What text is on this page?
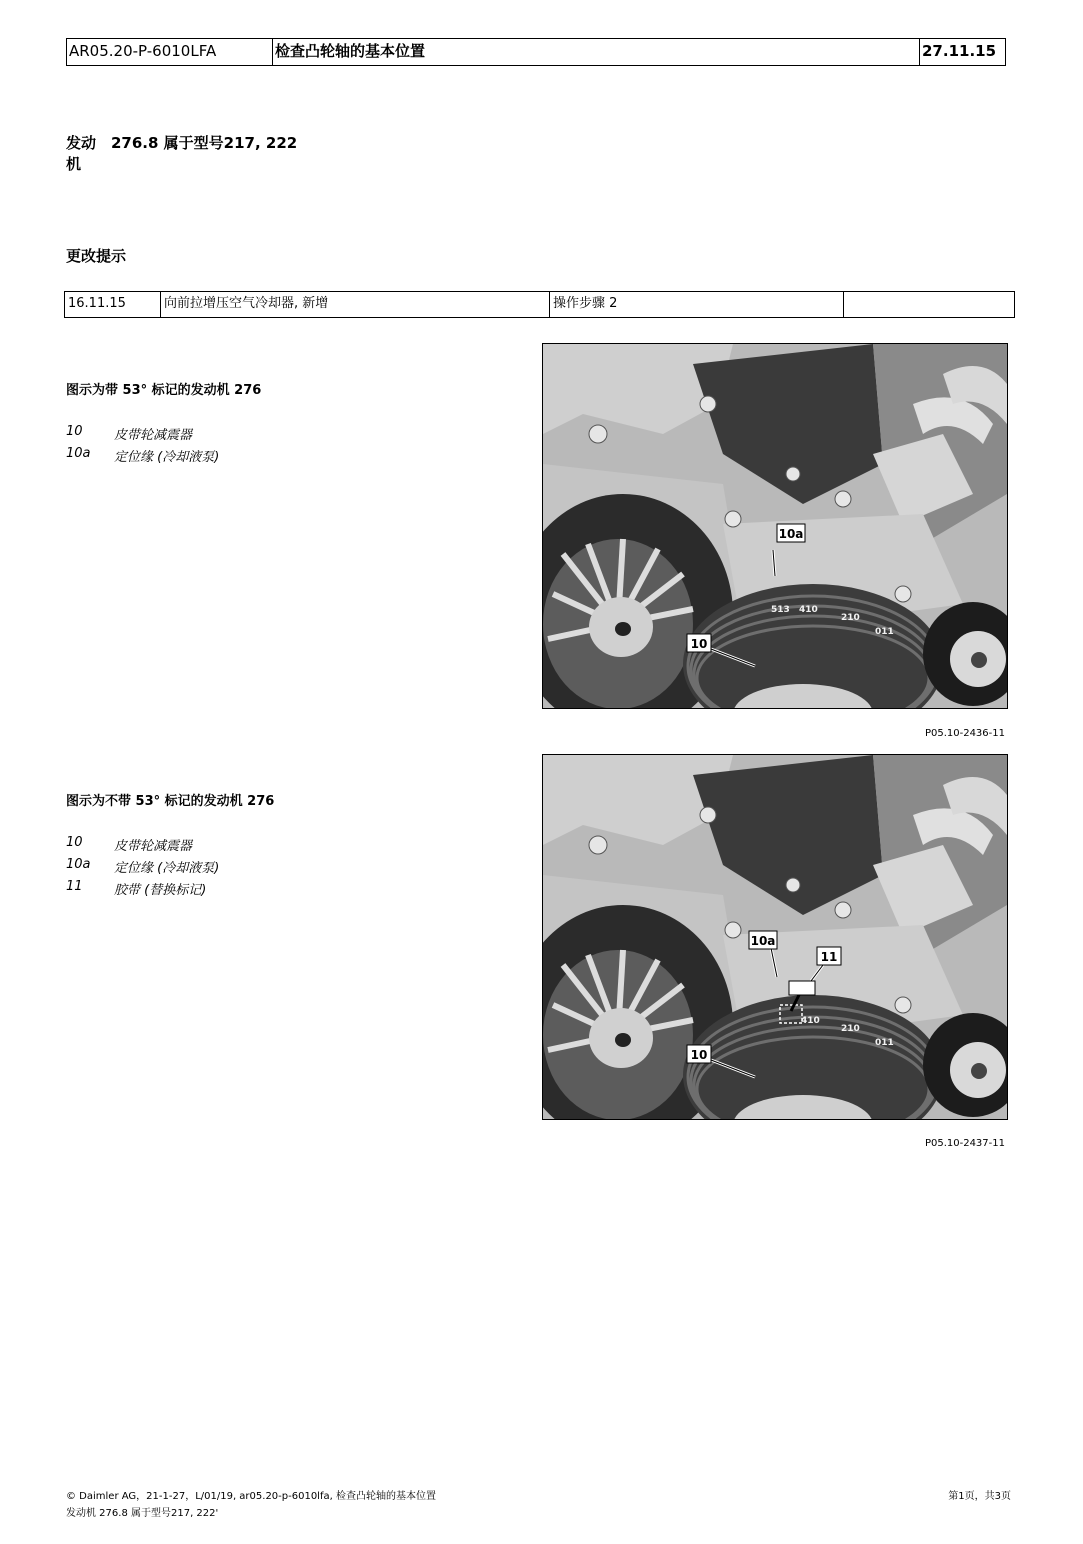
AR05.20-P-6010LFA	检查凸轮轴的基本位置	27.11.15
发动机
276.8 属于型号217, 222
更改提示
16.11.15	向前拉增压空气冷却器, 新增	操作步骤 2
图示为带 53° 标记的发动机 276
10	皮带轮减震器
10a	定位缘 (冷却液泵)
513 410
210
011
10a
10
P05.10-2436-11
图示为不带 53° 标记的发动机 276
10	皮带轮减震器
10a	定位缘 (冷却液泵)
11	胶带 (替换标记)
410
210
011
10a
11
10
P05.10-2437-11
© Daimler AG，21-1-27，L/01/19, ar05.20-p-6010lfa, 检查凸轮轴的基本位置
发动机 276.8 属于型号217, 222'
第1页，共3页
